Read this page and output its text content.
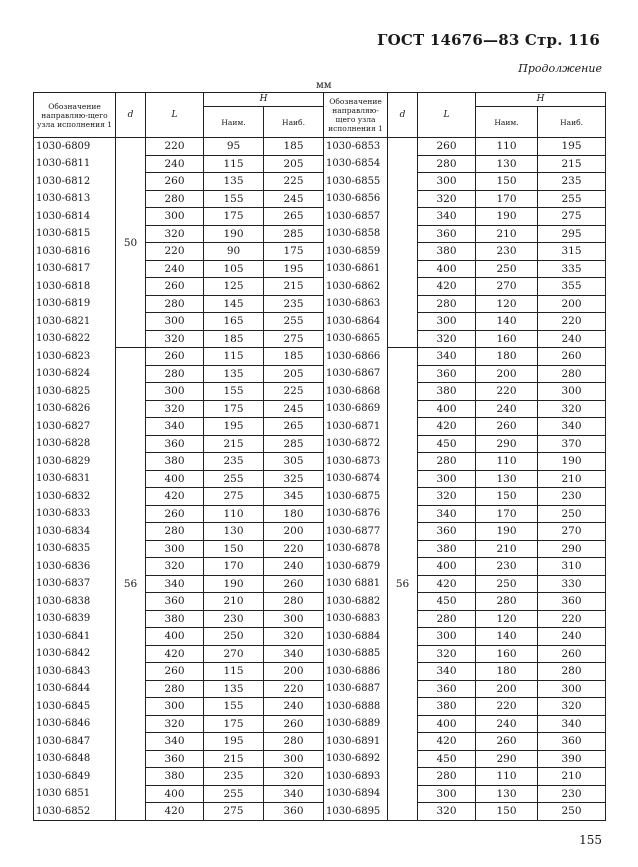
ГОСТ 14676—83 Стр. 116
Продолжение
мм
Обозначение направляю-щего узла исполнения 1	d	L	H		Обозначение направляю-щего узла исполнения 1	d	L	H	
			Наим.	Наиб.				Наим.	Наиб.
1030-6809	50	220	95	185	1030-6853		260	110	195
1030-6811		240	115	205	1030-6854		280	130	215
1030-6812		260	135	225	1030-6855		300	150	235
1030-6813		280	155	245	1030-6856		320	170	255
1030-6814		300	175	265	1030-6857		340	190	275
1030-6815		320	190	285	1030-6858		360	210	295
1030-6816		220	90	175	1030-6859		380	230	315
1030-6817		240	105	195	1030-6861		400	250	335
1030-6818		260	125	215	1030-6862		420	270	355
1030-6819		280	145	235	1030-6863		280	120	200
1030-6821		300	165	255	1030-6864		300	140	220
1030-6822		320	185	275	1030-6865		320	160	240
1030-6823	56	260	115	185	1030-6866	56	340	180	260
1030-6824		280	135	205	1030-6867		360	200	280
1030-6825		300	155	225	1030-6868		380	220	300
1030-6826		320	175	245	1030-6869		400	240	320
1030-6827		340	195	265	1030-6871		420	260	340
1030-6828		360	215	285	1030-6872		450	290	370
1030-6829		380	235	305	1030-6873		280	110	190
1030-6831		400	255	325	1030-6874		300	130	210
1030-6832		420	275	345	1030-6875		320	150	230
1030-6833		260	110	180	1030-6876		340	170	250
1030-6834		280	130	200	1030-6877		360	190	270
1030-6835		300	150	220	1030-6878		380	210	290
1030-6836		320	170	240	1030-6879		400	230	310
1030-6837		340	190	260	1030 6881		420	250	330
1030-6838		360	210	280	1030-6882		450	280	360
1030-6839		380	230	300	1030-6883		280	120	220
1030-6841		400	250	320	1030-6884		300	140	240
1030-6842		420	270	340	1030-6885		320	160	260
1030-6843		260	115	200	1030-6886		340	180	280
1030-6844		280	135	220	1030-6887		360	200	300
1030-6845		300	155	240	1030-6888		380	220	320
1030-6846		320	175	260	1030-6889		400	240	340
1030-6847		340	195	280	1030-6891		420	260	360
1030-6848		360	215	300	1030-6892		450	290	390
1030-6849		380	235	320	1030-6893		280	110	210
1030 6851		400	255	340	1030-6894		300	130	230
1030-6852		420	275	360	1030-6895		320	150	250
155
